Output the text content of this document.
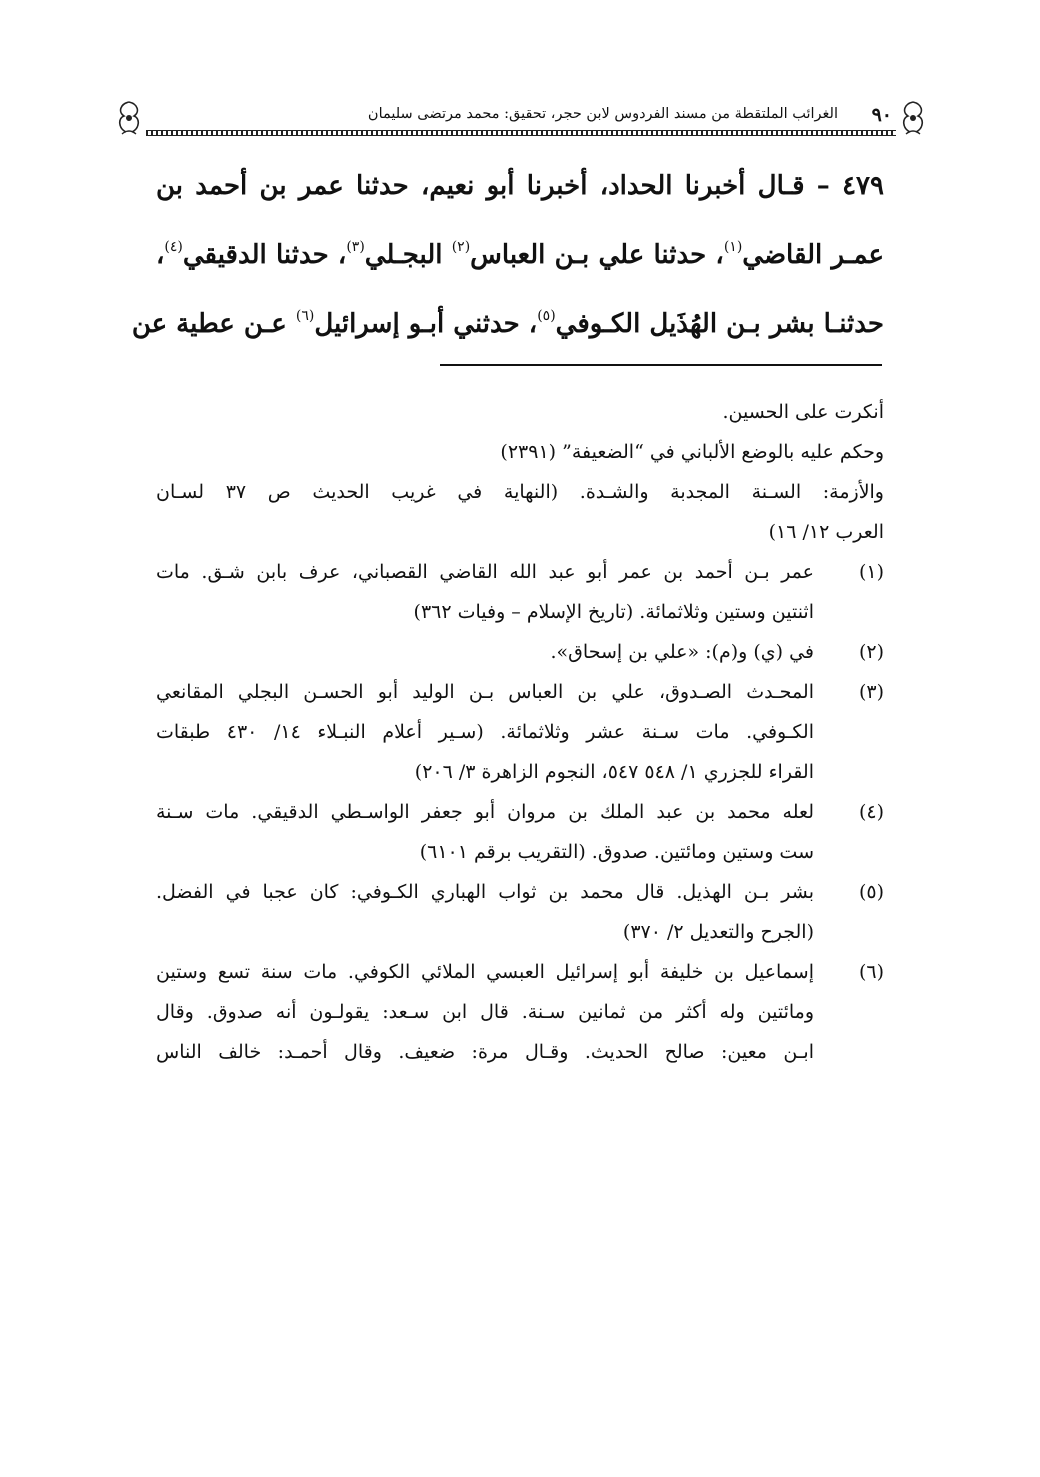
٩٠
الغرائب الملتقطة من مسند الفردوس لابن حجر، تحقيق: محمد مرتضى سليمان
٤٧٩ – قـال أخبرنا الحداد، أخبرنا أبو نعيم، حدثنا عمر بن أحمد بن
عمـر القاضي$^{(١)}$، حدثنا علي بـن العباس$^{(٢)}$ البجـلي$^{(٣)}$، حدثنا الدقيقي$^{(٤)}$،
حدثنـا بشر بـن الهُذَيل الكـوفي$^{(٥)}$، حدثني أبـو إسرائيل$^{(٦)}$ عـن عطية عن
أنكرت على الحسين.
وحكم عليه بالوضع الألباني في “الضعيفة” (٢٣٩١)
والأزمة: السـنة المجدبة والشـدة. (النهاية في غريب الحديث ص ٣٧ لسـان
العرب ١٢/ ١٦)
(١)
عمر بـن أحمد بن عمر أبو عبد الله القاضي القصباني، عرف بابن شـق. مات
اثنتين وستين وثلاثمائة. (تاريخ الإسلام – وفيات ٣٦٢)
(٢)
في (ي) و(م): «علي بن إسحاق».
(٣)
المحـدث الصـدوق، علي بن العباس بـن الوليد أبو الحسـن البجلي المقانعي
الكـوفي. مات سـنة عشر وثلاثمائة. (سـير أعلام النبـلاء ١٤/ ٤٣٠ طبقات
القراء للجزري ١/ ٥٤٨ ٥٤٧، النجوم الزاهرة ٣/ ٢٠٦)
(٤)
لعله محمد بن عبد الملك بن مروان أبو جعفر الواسـطي الدقيقي. مات سـنة
ست وستين ومائتين. صدوق. (التقريب برقم ٦١٠١)
(٥)
بشر بـن الهذيل. قال محمد بن ثواب الهباري الكـوفي: كان عجبا في الفضل.
(الجرح والتعديل ٢/ ٣٧٠)
(٦)
إسماعيل بن خليفة أبو إسرائيل العبسي الملائي الكوفي. مات سنة تسع وستين
ومائتين وله أكثر من ثمانين سـنة. قال ابن سـعد: يقولـون أنه صدوق. وقال
ابـن معين: صالح الحديث. وقـال مرة: ضعيف. وقال أحمـد: خالف الناس
